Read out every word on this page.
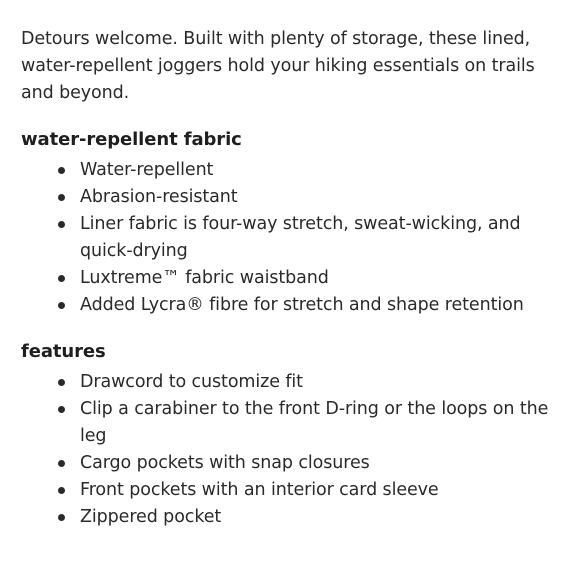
Detours welcome. Built with plenty of storage, these lined, water-repellent joggers hold your hiking essentials on trails and beyond.

water-repellent fabric
Water-repellent
Abrasion-resistant
Liner fabric is four-way stretch, sweat-wicking, and quick-drying
Luxtreme™ fabric waistband
Added Lycra® fibre for stretch and shape retention
features
Drawcord to customize fit
Clip a carabiner to the front D-ring or the loops on the leg
Cargo pockets with snap closures
Front pockets with an interior card sleeve
Zippered pocket
